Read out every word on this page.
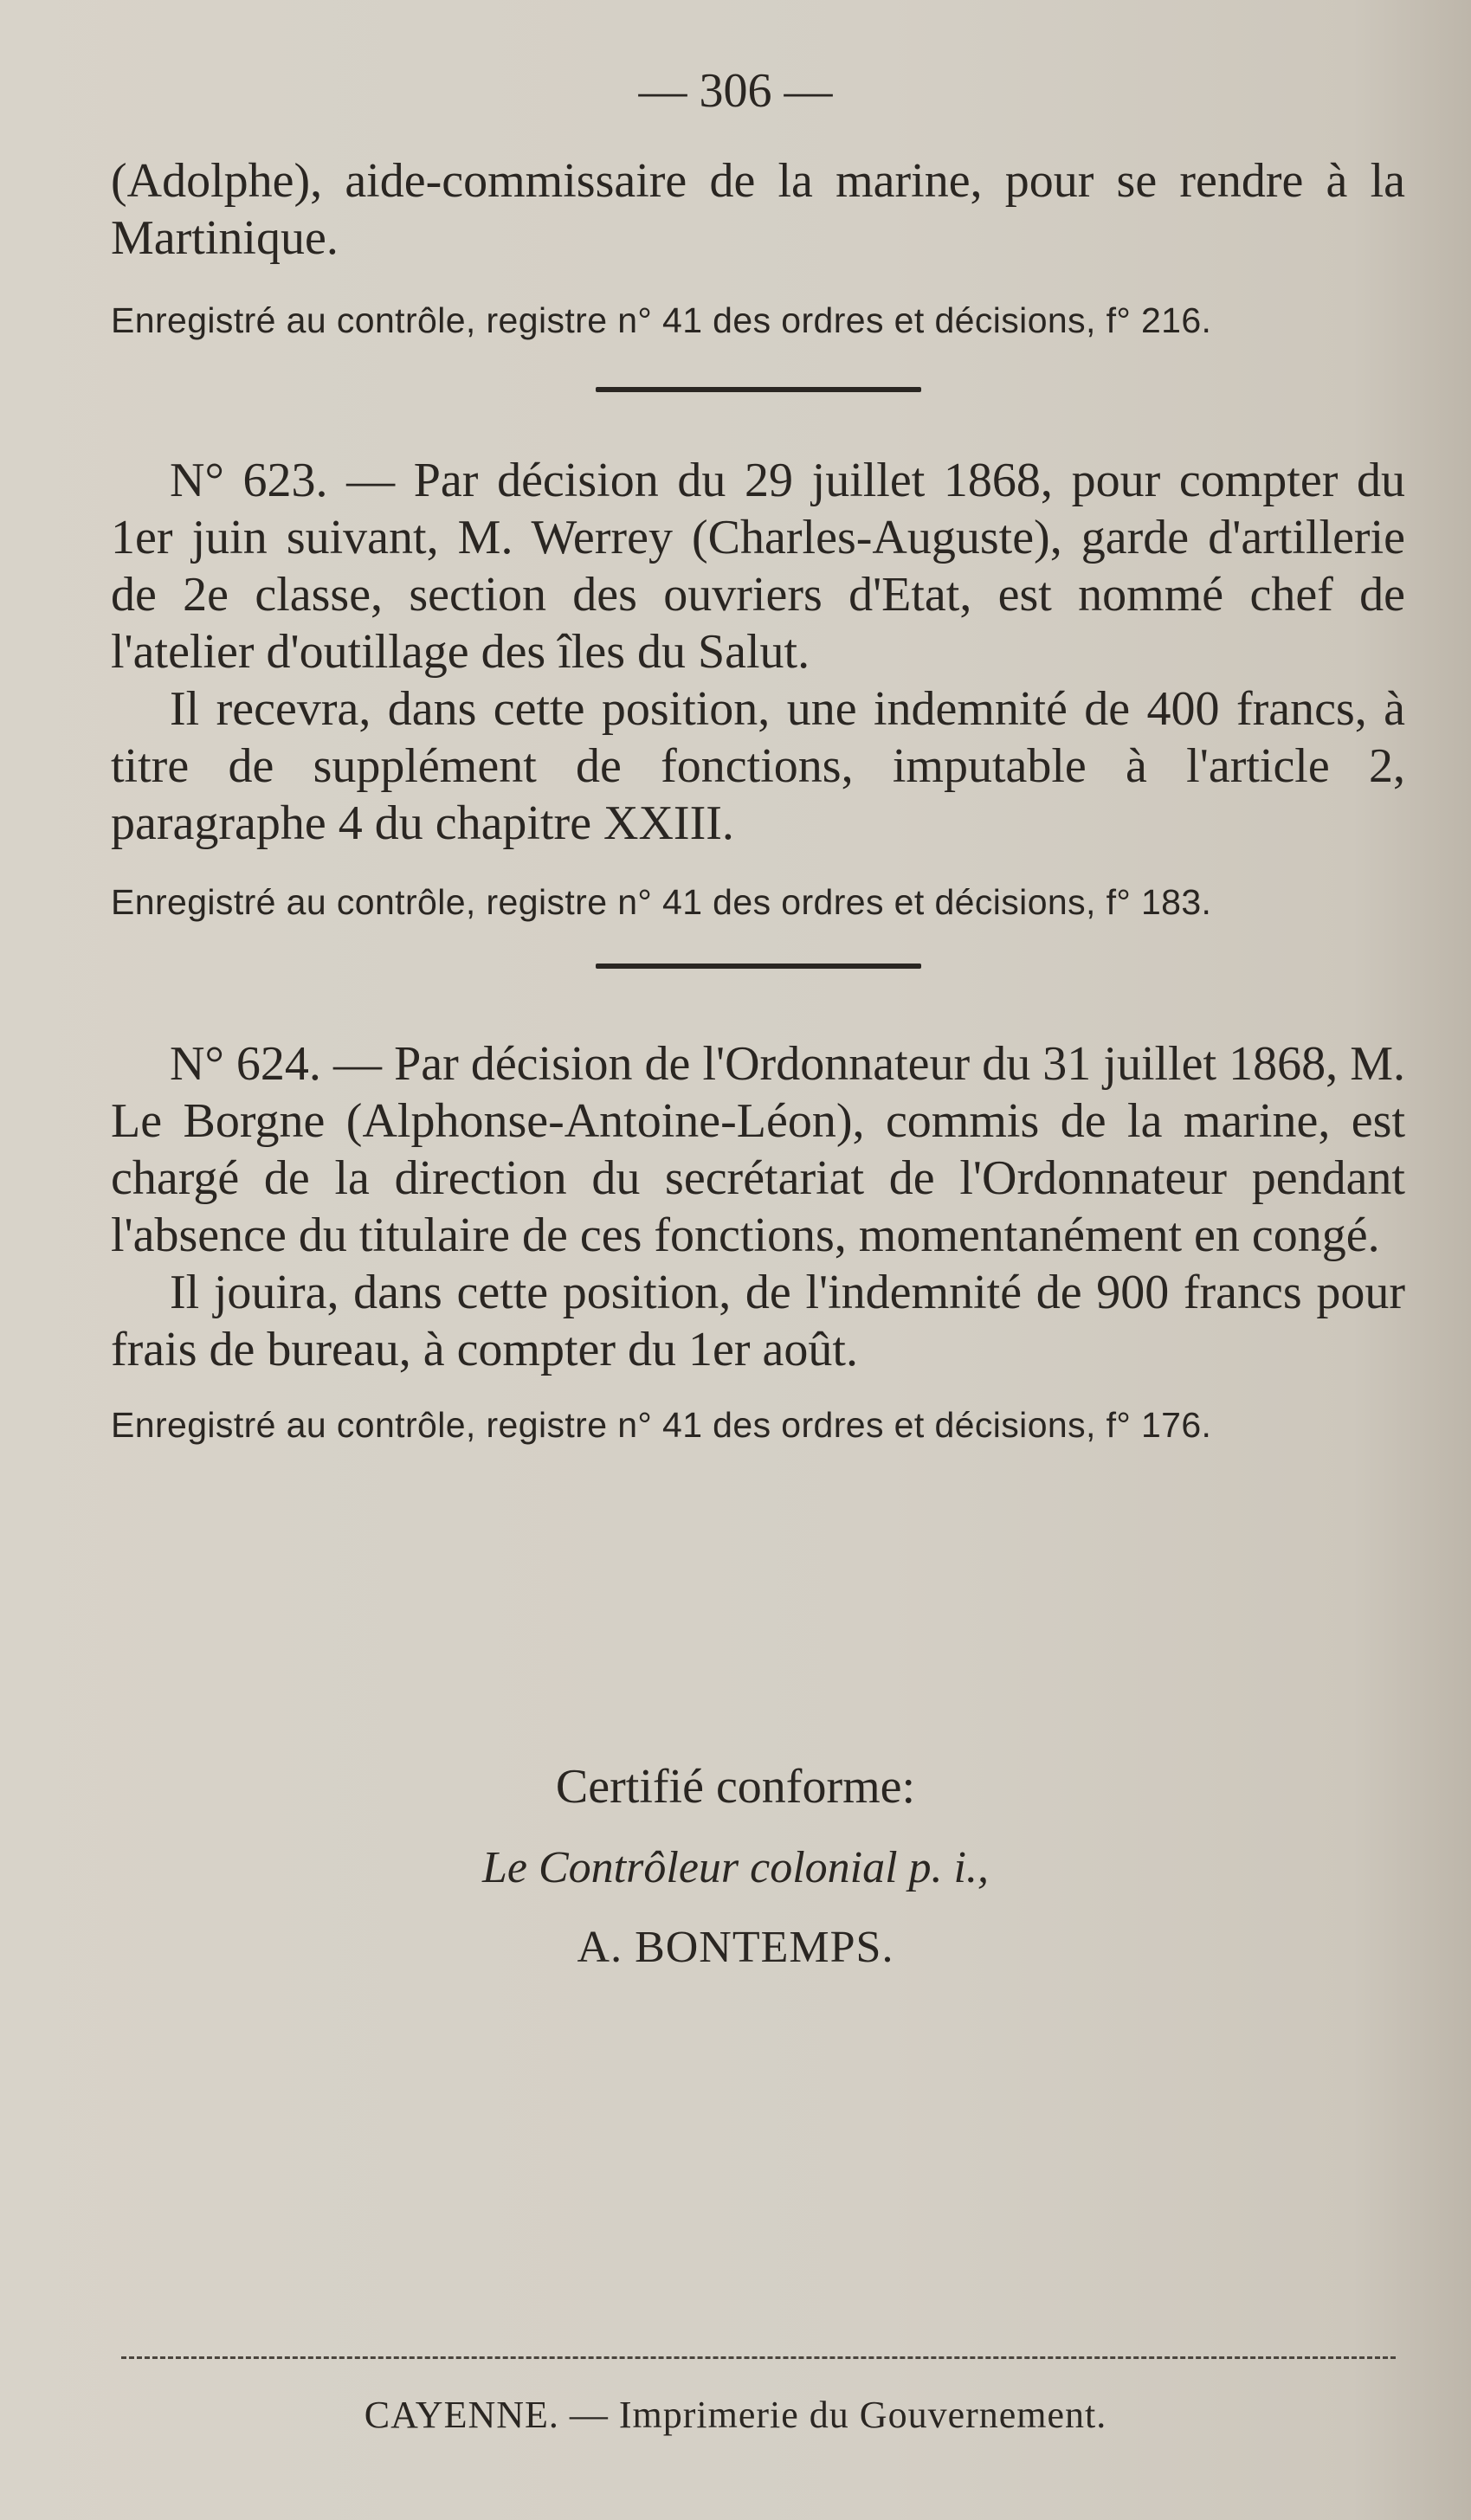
— 306 —

(Adolphe), aide-commissaire de la marine, pour se rendre à la Martinique.

Enregistré au contrôle, registre n° 41 des ordres et décisions, f° 216.

N° 623. — Par décision du 29 juillet 1868, pour compter du 1er juin suivant, M. Werrey (Charles-Auguste), garde d'artillerie de 2e classe, section des ouvriers d'Etat, est nommé chef de l'atelier d'outillage des îles du Salut.

Il recevra, dans cette position, une indemnité de 400 francs, à titre de supplément de fonctions, imputable à l'article 2, paragraphe 4 du chapitre XXIII.

Enregistré au contrôle, registre n° 41 des ordres et décisions, f° 183.

N° 624. — Par décision de l'Ordonnateur du 31 juillet 1868, M. Le Borgne (Alphonse-Antoine-Léon), commis de la marine, est chargé de la direction du secrétariat de l'Ordonnateur pendant l'absence du titulaire de ces fonctions, momentanément en congé.

Il jouira, dans cette position, de l'indemnité de 900 francs pour frais de bureau, à compter du 1er août.

Enregistré au contrôle, registre n° 41 des ordres et décisions, f° 176.

Certifié conforme:
Le Contrôleur colonial p. i.,
A. BONTEMPS.
CAYENNE. — Imprimerie du Gouvernement.
